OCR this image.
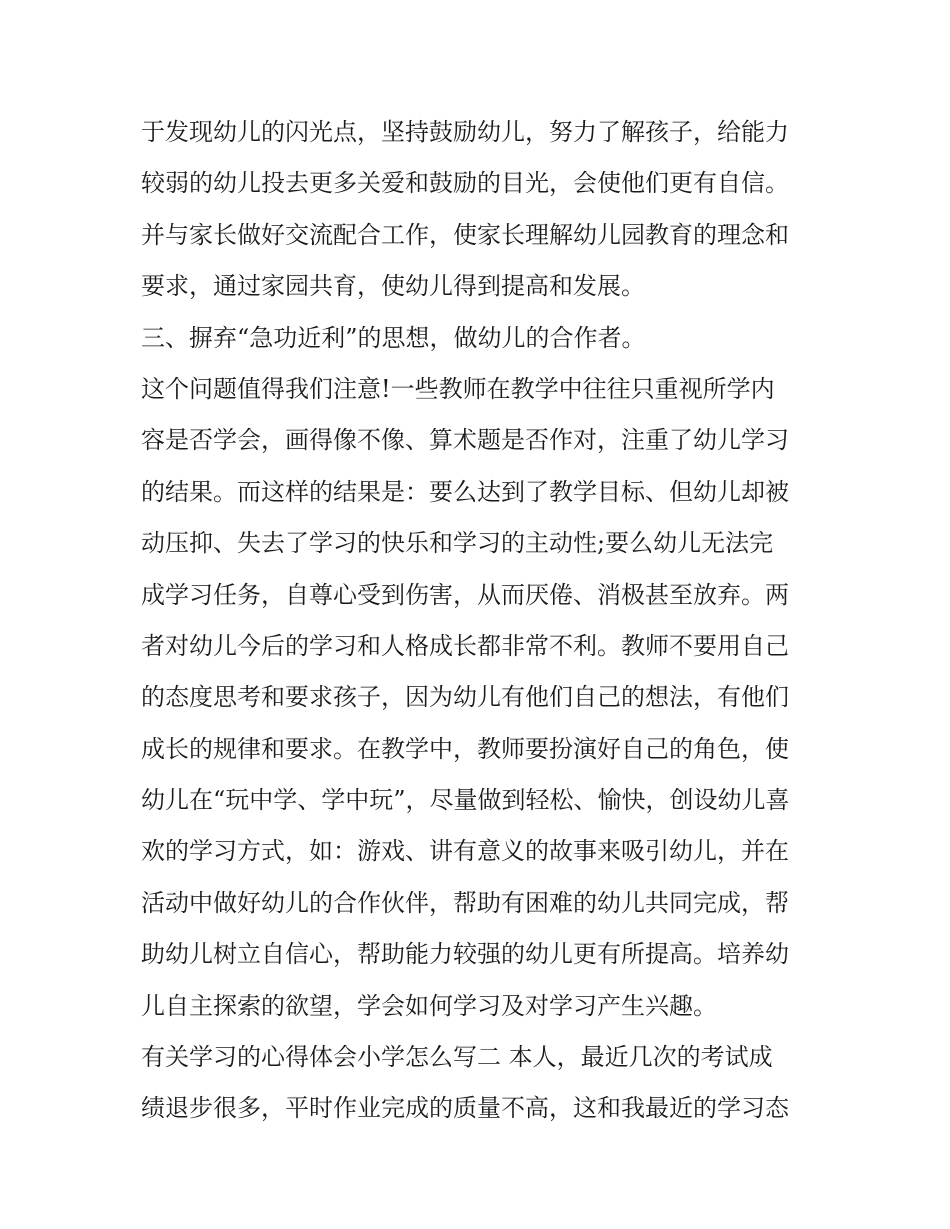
于发现幼儿的闪光点，坚持鼓励幼儿，努力了解孩子，给能力
较弱的幼儿投去更多关爱和鼓励的目光，会使他们更有自信。
并与家长做好交流配合工作，使家长理解幼儿园教育的理念和
要求，通过家园共育，使幼儿得到提高和发展。
三、摒弃“急功近利”的思想，做幼儿的合作者。
这个问题值得我们注意!一些教师在教学中往往只重视所学内
容是否学会，画得像不像、算术题是否作对，注重了幼儿学习
的结果。而这样的结果是：要么达到了教学目标、但幼儿却被
动压抑、失去了学习的快乐和学习的主动性;要么幼儿无法完
成学习任务，自尊心受到伤害，从而厌倦、消极甚至放弃。两
者对幼儿今后的学习和人格成长都非常不利。教师不要用自己
的态度思考和要求孩子，因为幼儿有他们自己的想法，有他们
成长的规律和要求。在教学中，教师要扮演好自己的角色，使
幼儿在“玩中学、学中玩”，尽量做到轻松、愉快，创设幼儿喜
欢的学习方式，如：游戏、讲有意义的故事来吸引幼儿，并在
活动中做好幼儿的合作伙伴，帮助有困难的幼儿共同完成，帮
助幼儿树立自信心，帮助能力较强的幼儿更有所提高。培养幼
儿自主探索的欲望，学会如何学习及对学习产生兴趣。
有关学习的心得体会小学怎么写二 本人，最近几次的考试成
绩退步很多，平时作业完成的质量不高，这和我最近的学习态
